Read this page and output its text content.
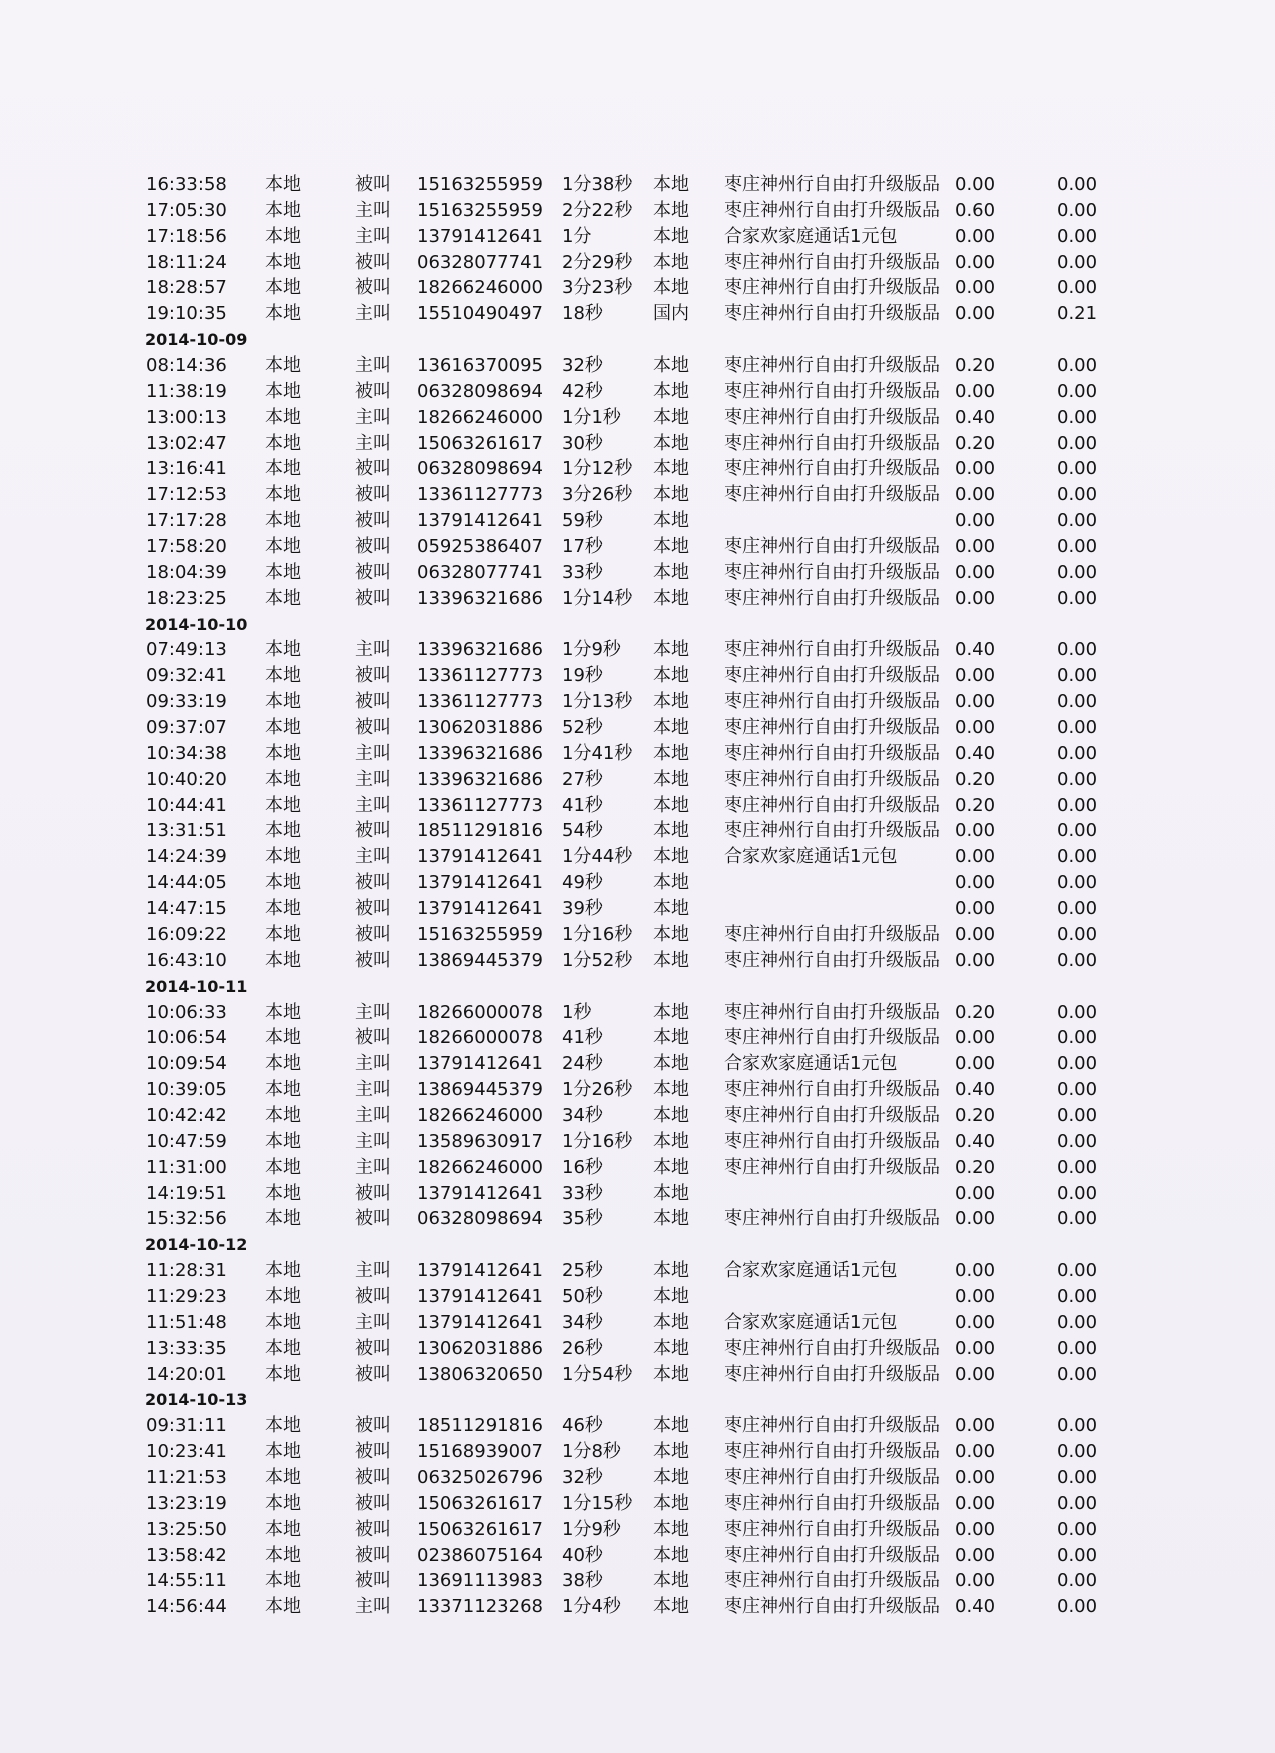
16:33:58 本地	被叫 15163255959 1分38秒 本地 枣庄神州行自由打升级版品 0.00	0.00
17:05:30 本地	主叫 15163255959 2分22秒 本地 枣庄神州行自由打升级版品 0.60	0.00
17:18:56 本地	主叫 13791412641 1分	本地 合家欢家庭通话1元包	0.00	0.00
18:11:24 本地	被叫 06328077741 2分29秒 本地 枣庄神州行自由打升级版品 0.00	0.00
18:28:57 本地	被叫 18266246000 3分23秒 本地 枣庄神州行自由打升级版品 0.00	0.00
19:10:35 本地	主叫 15510490497 18秒	国内 枣庄神州行自由打升级版品 0.00	0.21
2014-10-09
08:14:36 本地	主叫 13616370095 32秒	本地 枣庄神州行自由打升级版品 0.20	0.00
11:38:19 本地	被叫 06328098694 42秒	本地 枣庄神州行自由打升级版品 0.00	0.00
13:00:13 本地	主叫 18266246000 1分1秒 本地 枣庄神州行自由打升级版品 0.40	0.00
13:02:47 本地	主叫 15063261617 30秒	本地 枣庄神州行自由打升级版品 0.20	0.00
13:16:41 本地	被叫 06328098694 1分12秒 本地 枣庄神州行自由打升级版品 0.00	0.00
17:12:53 本地	被叫 13361127773 3分26秒 本地 枣庄神州行自由打升级版品 0.00	0.00
17:17:28 本地	被叫 13791412641 59秒	本地	0.00	0.00
17:58:20 本地	被叫 05925386407 17秒	本地 枣庄神州行自由打升级版品 0.00	0.00
18:04:39 本地	被叫 06328077741 33秒	本地 枣庄神州行自由打升级版品 0.00	0.00
18:23:25 本地	被叫 13396321686 1分14秒 本地 枣庄神州行自由打升级版品 0.00	0.00
2014-10-10
07:49:13 本地	主叫 13396321686 1分9秒 本地 枣庄神州行自由打升级版品 0.40	0.00
09:32:41 本地	被叫 13361127773 19秒	本地 枣庄神州行自由打升级版品 0.00	0.00
09:33:19 本地	被叫 13361127773 1分13秒 本地 枣庄神州行自由打升级版品 0.00	0.00
09:37:07 本地	被叫 13062031886 52秒	本地 枣庄神州行自由打升级版品 0.00	0.00
10:34:38 本地	主叫 13396321686 1分41秒 本地 枣庄神州行自由打升级版品 0.40	0.00
10:40:20 本地	主叫 13396321686 27秒	本地 枣庄神州行自由打升级版品 0.20	0.00
10:44:41 本地	主叫 13361127773 41秒	本地 枣庄神州行自由打升级版品 0.20	0.00
13:31:51 本地	被叫 18511291816 54秒	本地 枣庄神州行自由打升级版品 0.00	0.00
14:24:39 本地	主叫 13791412641 1分44秒 本地 合家欢家庭通话1元包	0.00	0.00
14:44:05 本地	被叫 13791412641 49秒	本地	0.00	0.00
14:47:15 本地	被叫 13791412641 39秒	本地	0.00	0.00
16:09:22 本地	被叫 15163255959 1分16秒 本地 枣庄神州行自由打升级版品 0.00	0.00
16:43:10 本地	被叫 13869445379 1分52秒 本地 枣庄神州行自由打升级版品 0.00	0.00
2014-10-11
10:06:33 本地	主叫 18266000078 1秒	本地 枣庄神州行自由打升级版品 0.20	0.00
10:06:54 本地	被叫 18266000078 41秒	本地 枣庄神州行自由打升级版品 0.00	0.00
10:09:54 本地	主叫 13791412641 24秒	本地 合家欢家庭通话1元包	0.00	0.00
10:39:05 本地	主叫 13869445379 1分26秒 本地 枣庄神州行自由打升级版品 0.40	0.00
10:42:42 本地	主叫 18266246000 34秒	本地 枣庄神州行自由打升级版品 0.20	0.00
10:47:59 本地	主叫 13589630917 1分16秒 本地 枣庄神州行自由打升级版品 0.40	0.00
11:31:00 本地	主叫 18266246000 16秒	本地 枣庄神州行自由打升级版品 0.20	0.00
14:19:51 本地	被叫 13791412641 33秒	本地	0.00	0.00
15:32:56 本地	被叫 06328098694 35秒	本地 枣庄神州行自由打升级版品 0.00	0.00
2014-10-12
11:28:31 本地	主叫 13791412641 25秒	本地 合家欢家庭通话1元包	0.00	0.00
11:29:23 本地	被叫 13791412641 50秒	本地	0.00	0.00
11:51:48 本地	主叫 13791412641 34秒	本地 合家欢家庭通话1元包	0.00	0.00
13:33:35 本地	被叫 13062031886 26秒	本地 枣庄神州行自由打升级版品 0.00	0.00
14:20:01 本地	被叫 13806320650 1分54秒 本地 枣庄神州行自由打升级版品 0.00	0.00
2014-10-13
09:31:11 本地	被叫 18511291816 46秒	本地 枣庄神州行自由打升级版品 0.00	0.00
10:23:41 本地	被叫 15168939007 1分8秒 本地 枣庄神州行自由打升级版品 0.00	0.00
11:21:53 本地	被叫 06325026796 32秒	本地 枣庄神州行自由打升级版品 0.00	0.00
13:23:19 本地	被叫 15063261617 1分15秒 本地 枣庄神州行自由打升级版品 0.00	0.00
13:25:50 本地	被叫 15063261617 1分9秒 本地 枣庄神州行自由打升级版品 0.00	0.00
13:58:42 本地	被叫 02386075164 40秒	本地 枣庄神州行自由打升级版品 0.00	0.00
14:55:11 本地	被叫 13691113983 38秒	本地 枣庄神州行自由打升级版品 0.00	0.00
14:56:44 本地	主叫 13371123268 1分4秒 本地 枣庄神州行自由打升级版品 0.40	0.00
